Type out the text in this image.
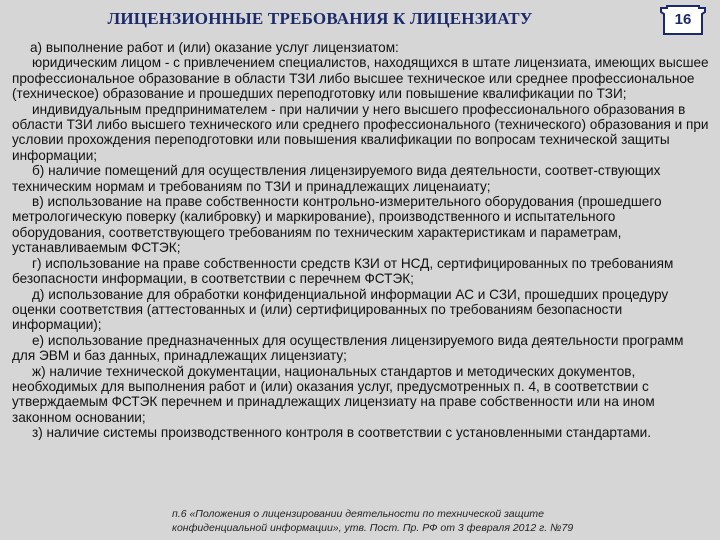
ЛИЦЕНЗИОННЫЕ ТРЕБОВАНИЯ К ЛИЦЕНЗИАТУ	16

а) выполнение работ и (или) оказание услуг лицензиатом:

юридическим лицом - с привлечением специалистов, находящихся в штате лицензиата, имеющих высшее профессиональное образование в области ТЗИ либо высшее техническое или среднее профессиональное (техническое) образование и прошедших переподготовку или повышение квалификации по ТЗИ;

индивидуальным предпринимателем - при наличии у него высшего профессионального образования в области ТЗИ либо высшего технического или среднего профессионального (технического) образования и при условии прохождения переподготовки или повышения квалификации по вопросам технической защиты информации;

б) наличие помещений для осуществления лицензируемого вида деятельности, соответ-ствующих техническим нормам и требованиям по ТЗИ и принадлежащих лиценаиату;

в) использование на праве собственности контрольно-измерительного оборудования (прошедшего метрологическую поверку (калибровку) и маркирование), производственного и испытательного оборудования, соответствующего требованиям по техническим характеристикам и параметрам, устанавливаемым ФСТЭК;

г) использование на праве собственности средств КЗИ от НСД, сертифицированных по требованиям безопасности информации, в соответствии с перечнем ФСТЭК;

д) использование для обработки конфиденциальной информации АС и СЗИ, прошедших процедуру оценки соответствия (аттестованных и (или) сертифицированных по требованиям безопасности информации);

е) использование предназначенных для осуществления лицензируемого вида деятельности программ для ЭВМ и баз данных, принадлежащих лицензиату;

ж) наличие технической документации, национальных стандартов и методических документов, необходимых для выполнения работ и (или) оказания услуг, предусмотренных п. 4, в соответствии с утверждаемым ФСТЭК перечнем и принадлежащих лицензиату на праве собственности или на ином законном основании;

з) наличие системы производственного контроля в соответствии с установленными стандартами.

п.6 «Положения о лицензировании деятельности по технической защите
конфиденциальной информации», утв. Пост. Пр. РФ от 3 февраля 2012 г. №79
